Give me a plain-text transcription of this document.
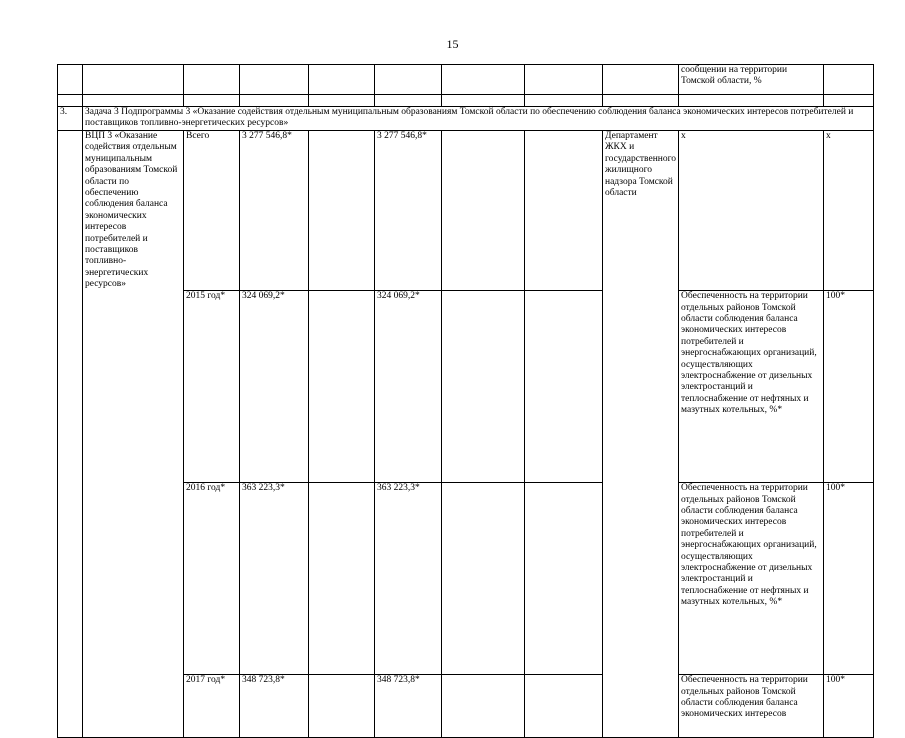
15
									сообщении на территории Томской области, %	

3.	Задача 3 Подпрограммы 3 «Оказание содействия отдельным муниципальным образованиям Томской области по обеспечению соблюдения баланса экономических интересов потребителей и поставщиков топливно-энергетических ресурсов»									
	ВЦП 3 «Оказание содействия отдельным муниципальным образованиям Томской области по обеспечению соблюдения баланса экономических интересов потребителей и поставщиков топливно-энергетических ресурсов»	Всего	3 277 546,8*		3 277 546,8*			Департамент ЖКХ и государственного жилищного надзора Томской области	х	х
		2015 год*	324 069,2*		324 069,2*				Обеспеченность на территории отдельных районов Томской области соблюдения баланса экономических интересов потребителей и энергоснабжающих организаций, осуществляющих электроснабжение от дизельных электростанций и теплоснабжение от нефтяных и мазутных котельных, %*	100*
		2016 год*	363 223,3*		363 223,3*				Обеспеченность на территории отдельных районов Томской области соблюдения баланса экономических интересов потребителей и энергоснабжающих организаций, осуществляющих электроснабжение от дизельных электростанций и теплоснабжение от нефтяных и мазутных котельных, %*	100*
		2017 год*	348 723,8*		348 723,8*				Обеспеченность на территории отдельных районов Томской области соблюдения баланса экономических интересов	100*
